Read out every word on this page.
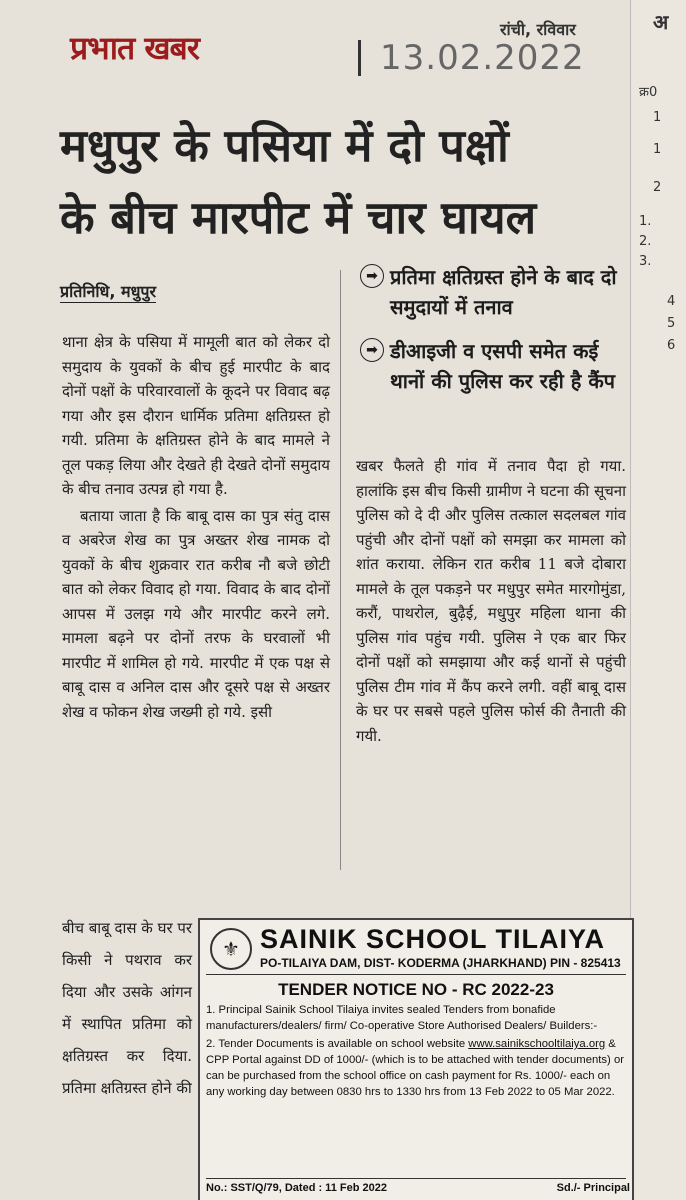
प्रभात खबर	रांची, रविवार
13.02.2022
अ
क्र0
1
1
2
1.
2.
3.
4
5
6
मधुपुर के पसिया में दो पक्षों
के बीच मारपीट में चार घायल
प्रतिनिधि, मधुपुर
➡ प्रतिमा क्षतिग्रस्त होने के बाद दो समुदायों में तनाव
➡ डीआइजी व एसपी समेत कई थानों की पुलिस कर रही है कैंप

थाना क्षेत्र के पसिया में मामूली बात को लेकर दो समुदाय के युवकों के बीच हुई मारपीट के बाद दोनों पक्षों के परिवारवालों के कूदने पर विवाद बढ़ गया और इस दौरान धार्मिक प्रतिमा क्षतिग्रस्त हो गयी. प्रतिमा के क्षतिग्रस्त होने के बाद मामले ने तूल पकड़ लिया और देखते ही देखते दोनों समुदाय के बीच तनाव उत्पन्न हो गया है.

बताया जाता है कि बाबू दास का पुत्र संतु दास व अबरेज शेख का पुत्र अख्तर शेख नामक दो युवकों के बीच शुक्रवार रात करीब नौ बजे छोटी बात को लेकर विवाद हो गया. विवाद के बाद दोनों आपस में उलझ गये और मारपीट करने लगे. मामला बढ़ने पर दोनों तरफ के घरवालों भी मारपीट में शामिल हो गये. मारपीट में एक पक्ष से बाबू दास व अनिल दास और दूसरे पक्ष से अख्तर शेख व फोकन शेख जख्मी हो गये. इसी

खबर फैलते ही गांव में तनाव पैदा हो गया. हालांकि इस बीच किसी ग्रामीण ने घटना की सूचना पुलिस को दे दी और पुलिस तत्काल सदलबल गांव पहुंची और दोनों पक्षों को समझा कर मामला को शांत कराया. लेकिन रात करीब 11 बजे दोबारा मामले के तूल पकड़ने पर मधुपुर समेत मारगोमुंडा, करौं, पाथरोल, बुढ़ैई, मधुपुर महिला थाना की पुलिस गांव पहुंच गयी. पुलिस ने एक बार फिर दोनों पक्षों को समझाया और कई थानों से पहुंची पुलिस टीम गांव में कैंप करने लगी. वहीं बाबू दास के घर पर सबसे पहले पुलिस फोर्स की तैनाती की गयी.

बीच बाबू दास के घर पर किसी ने पथराव कर दिया और उसके आंगन में स्थापित प्रतिमा को क्षतिग्रस्त कर दिया. प्रतिमा क्षतिग्रस्त होने की

⚜ SAINIK SCHOOL TILAIYA
PO-TILAIYA DAM, DIST- KODERMA (JHARKHAND) PIN - 825413
TENDER NOTICE NO - RC 2022-23

1. Principal Sainik School Tilaiya invites sealed Tenders from bonafide manufacturers/dealers/ firm/ Co-operative Store Authorised Dealers/ Builders:-

2. Tender Documents is available on school website www.sainikschooltilaiya.org & CPP Portal against DD of 1000/- (which is to be attached with tender documents) or can be purchased from the school office on cash payment for Rs. 1000/- each on any working day between 0830 hrs to 1330 hrs from 13 Feb 2022 to 05 Mar 2022.

No.: SST/Q/79, Dated : 11 Feb 2022	Sd./- Principal
